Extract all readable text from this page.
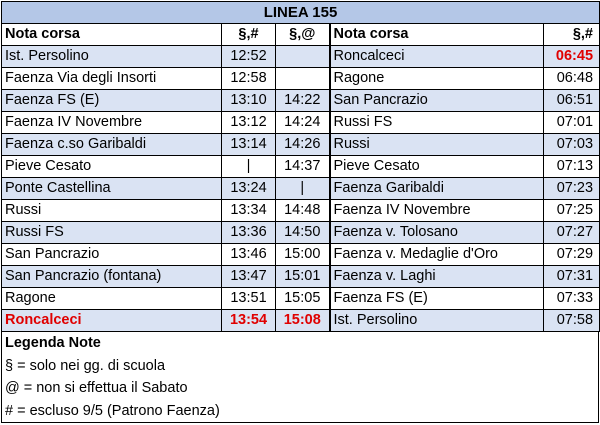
LINEA 155				
Nota corsa	§,#	§,@	Nota corsa	§,#
Ist. Persolino	12:52		Roncalceci	06:45
Faenza Via degli Insorti	12:58		Ragone	06:48
Faenza FS (E)	13:10	14:22	San Pancrazio	06:51
Faenza IV Novembre	13:12	14:24	Russi FS	07:01
Faenza c.so Garibaldi	13:14	14:26	Russi	07:03
Pieve Cesato	|	14:37	Pieve Cesato	07:13
Ponte Castellina	13:24	|	Faenza Garibaldi	07:23
Russi	13:34	14:48	Faenza IV Novembre	07:25
Russi FS	13:36	14:50	Faenza v. Tolosano	07:27
San Pancrazio	13:46	15:00	Faenza v. Medaglie d'Oro	07:29
San Pancrazio (fontana)	13:47	15:01	Faenza v. Laghi	07:31
Ragone	13:51	15:05	Faenza FS (E)	07:33
Roncalceci	13:54	15:08	Ist. Persolino	07:58
Legenda Note
§ = solo nei gg. di scuola
@ = non si effettua il Sabato
# = escluso 9/5 (Patrono Faenza)
